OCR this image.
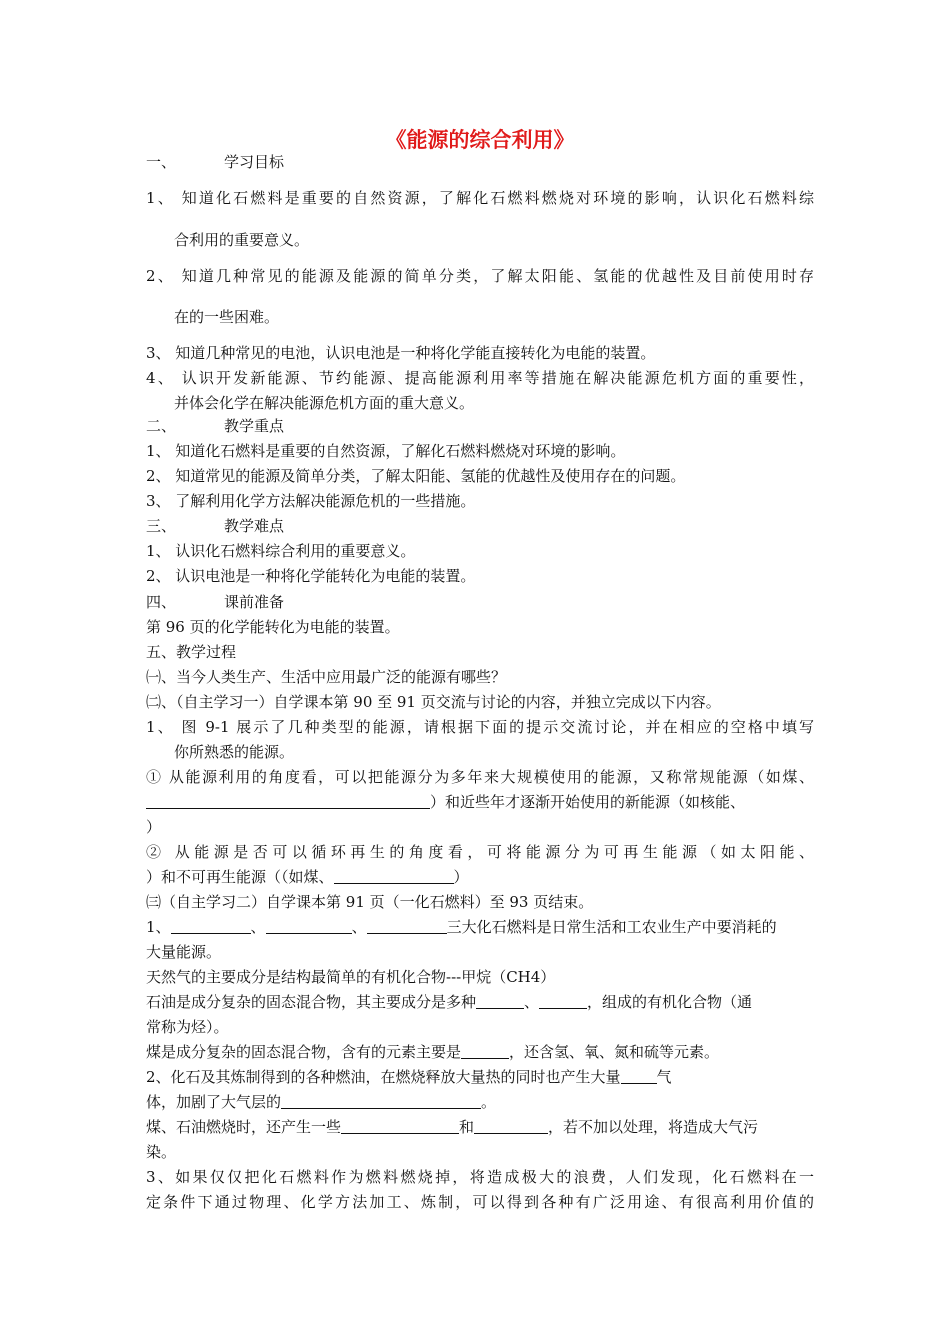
《能源的综合利用》
一、	学习目标
1、 知道化石燃料是重要的自然资源，了解化石燃料燃烧对环境的影响，认识化石燃料综
合利用的重要意义。
2、 知道几种常见的能源及能源的简单分类，了解太阳能、氢能的优越性及目前使用时存
在的一些困难。
3、 知道几种常见的电池，认识电池是一种将化学能直接转化为电能的装置。
4、 认识开发新能源、节约能源、提高能源利用率等措施在解决能源危机方面的重要性，
并体会化学在解决能源危机方面的重大意义。
二、	教学重点
1、 知道化石燃料是重要的自然资源，了解化石燃料燃烧对环境的影响。
2、 知道常见的能源及简单分类，了解太阳能、氢能的优越性及使用存在的问题。
3、 了解利用化学方法解决能源危机的一些措施。
三、	教学难点
1、 认识化石燃料综合利用的重要意义。
2、 认识电池是一种将化学能转化为电能的装置。
四、	课前准备
第 96 页的化学能转化为电能的装置。
五、教学过程
㈠、当今人类生产、生活中应用最广泛的能源有哪些？
㈡、（自主学习一）自学课本第 90 至 91 页交流与讨论的内容，并独立完成以下内容。
1、 图 9-1 展示了几种类型的能源，请根据下面的提示交流讨论，并在相应的空格中填写
你所熟悉的能源。
① 从能源利用的角度看，可以把能源分为多年来大规模使用的能源，又称常规能源（如煤、
）和近些年才逐渐开始使用的新能源（如核能、
）
② 从能源是否可以循环再生的角度看，可将能源分为可再生能源（如太阳能、
）和不可再生能源（（如煤、	）
㈢（自主学习二）自学课本第 91 页（一化石燃料）至 93 页结束。
1、	、	、	三大化石燃料是日常生活和工农业生产中要消耗的
大量能源。
天然气的主要成分是结构最简单的有机化合物---甲烷（CH4）
石油是成分复杂的固态混合物，其主要成分是多种	、	，组成的有机化合物（通
常称为烃）。
煤是成分复杂的固态混合物，含有的元素主要是	，还含氢、氧、氮和硫等元素。
2、化石及其炼制得到的各种燃油，在燃烧释放大量热的同时也产生大量 气
体，加剧了大气层的	。
煤、石油燃烧时，还产生一些	和	，若不加以处理，将造成大气污
染。
3、如果仅仅把化石燃料作为燃料燃烧掉，将造成极大的浪费，人们发现，化石燃料在一
定条件下通过物理、化学方法加工、炼制，可以得到各种有广泛用途、有很高利用价值的
